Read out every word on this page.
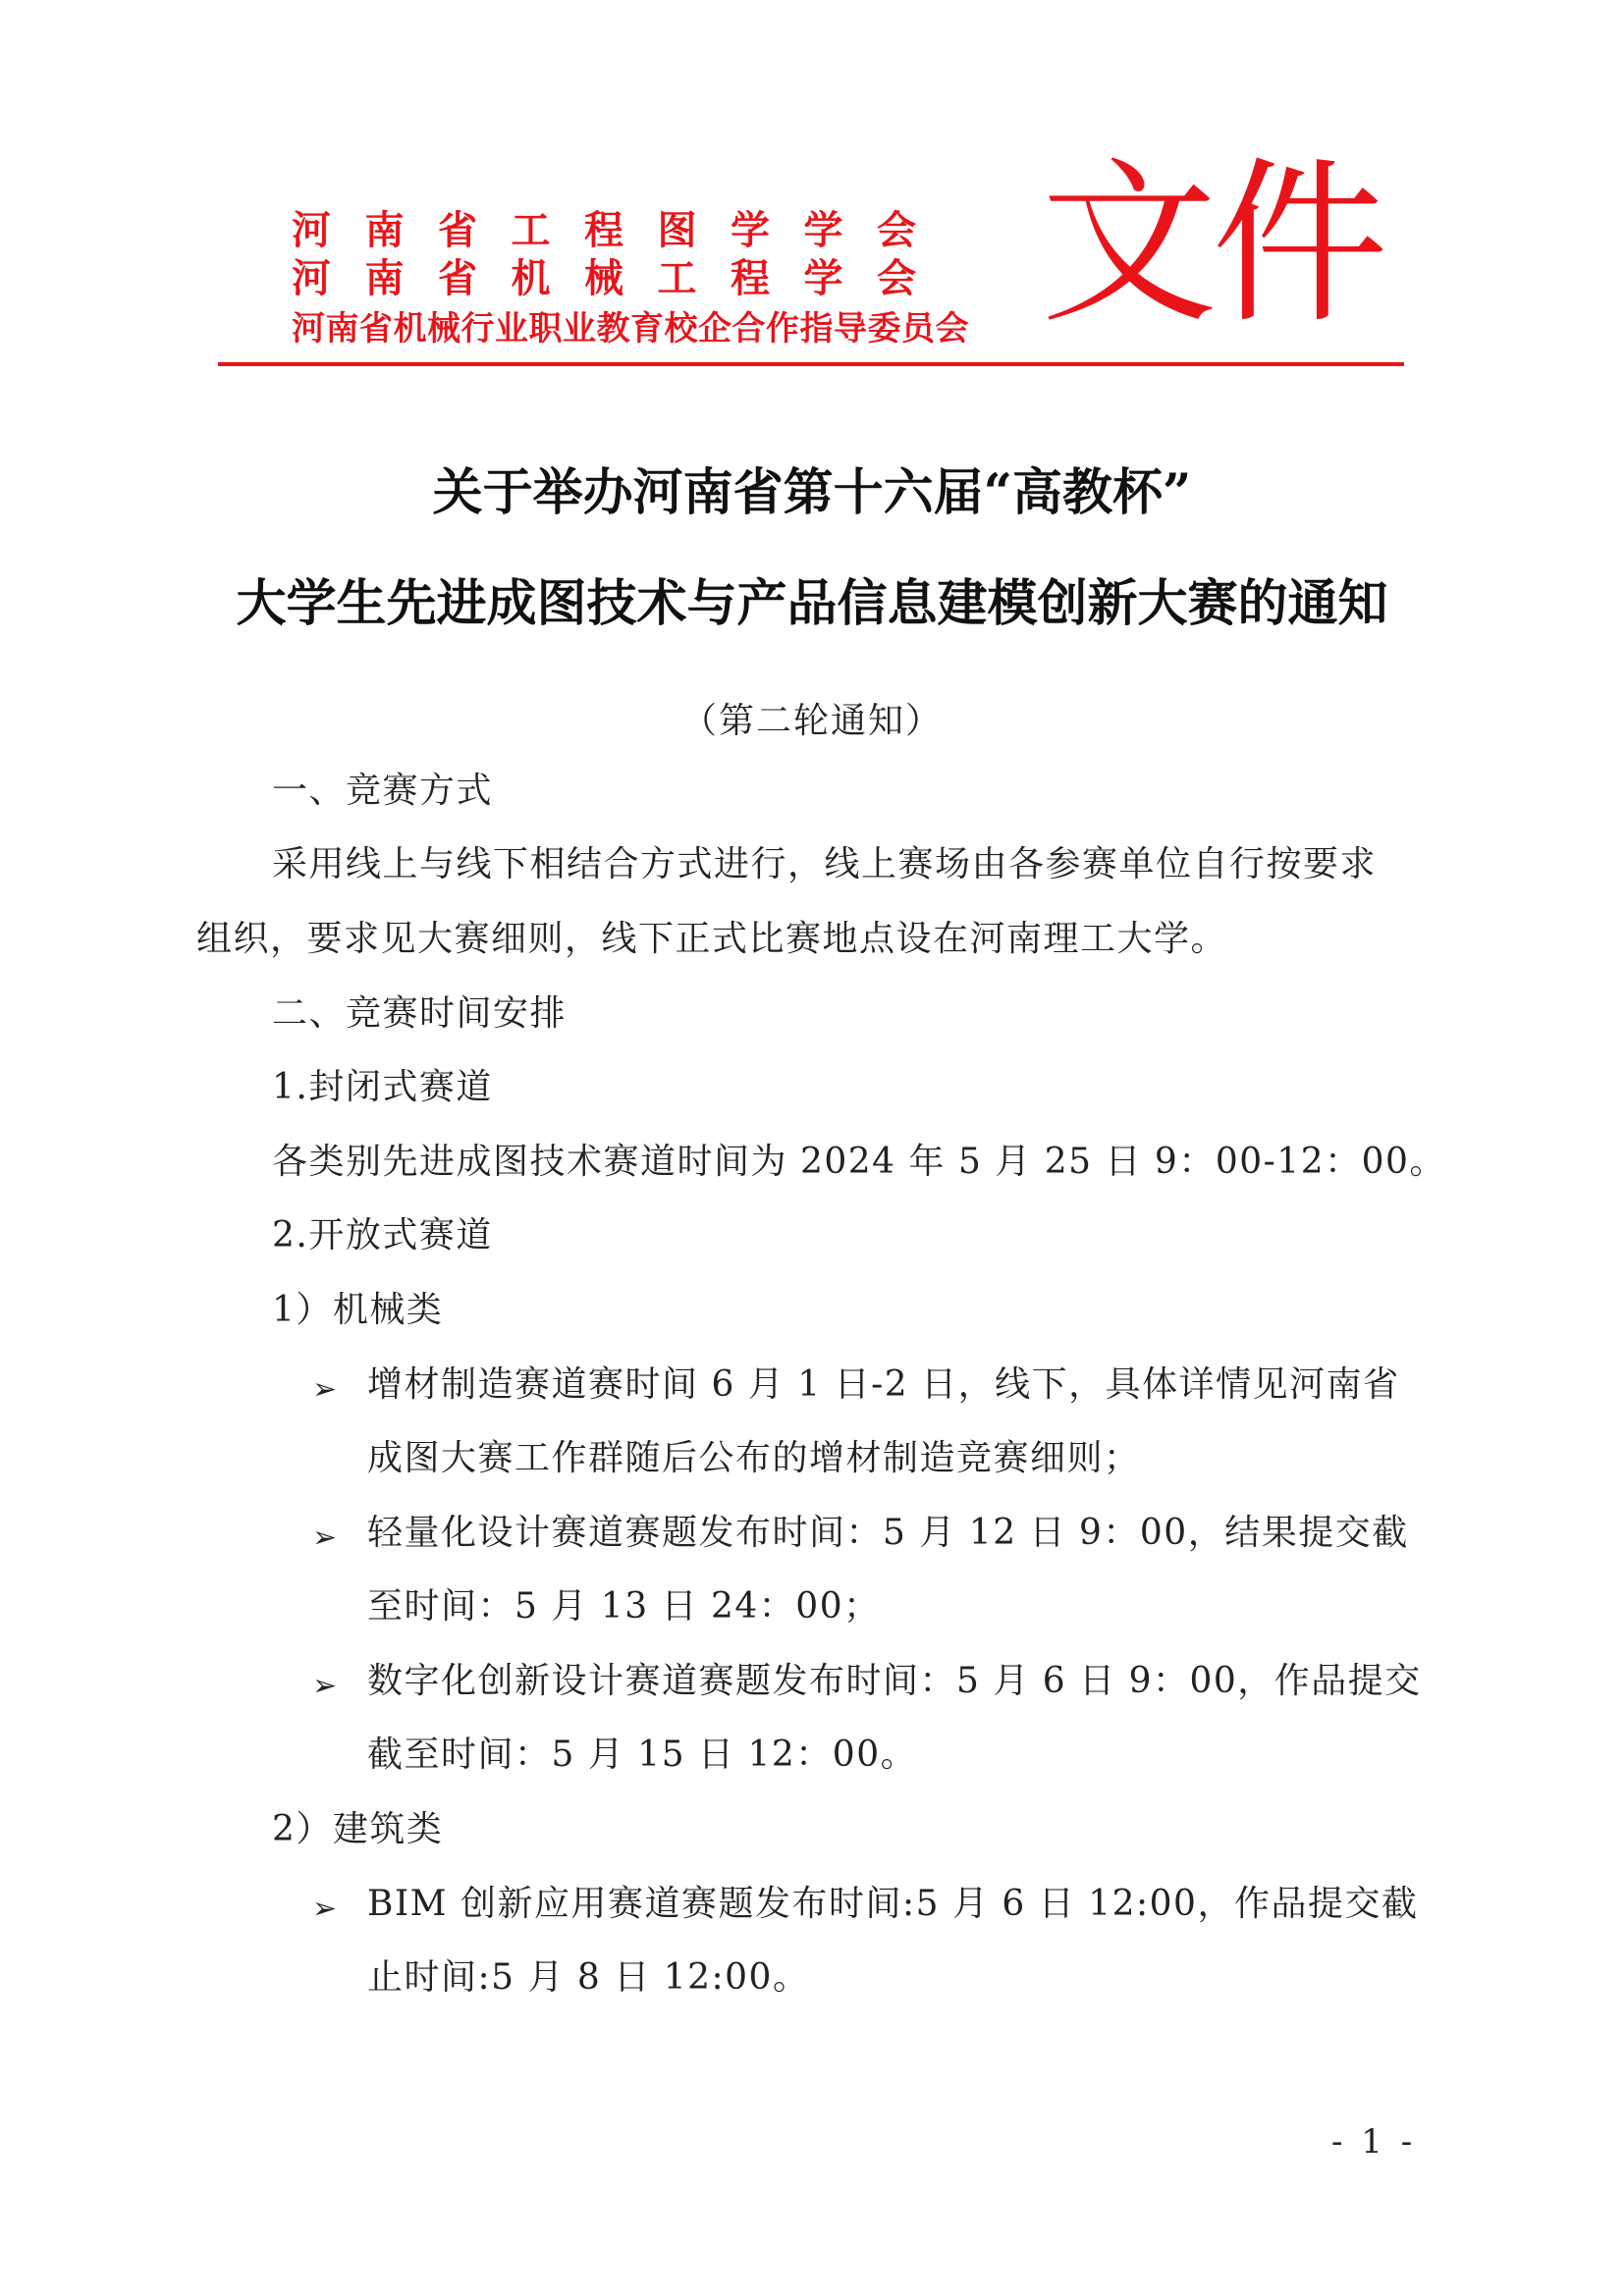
河南省工程图学学会
河南省机械工程学会
河南省机械行业职业教育校企合作指导委员会 文件
关于举办河南省第十六届“高教杯”
大学生先进成图技术与产品信息建模创新大赛的通知
（第二轮通知）
一、竞赛方式
采用线上与线下相结合方式进行，线上赛场由各参赛单位自行按要求
组织，要求见大赛细则，线下正式比赛地点设在河南理工大学。
二、竞赛时间安排
1.封闭式赛道
各类别先进成图技术赛道时间为 2024 年 5 月 25 日 9：00-12：00。
2.开放式赛道
1）机械类
➢ 增材制造赛道赛时间 6 月 1 日-2 日，线下，具体详情见河南省
成图大赛工作群随后公布的增材制造竞赛细则；
➢ 轻量化设计赛道赛题发布时间：5 月 12 日 9：00，结果提交截
至时间：5 月 13 日 24：00；
➢ 数字化创新设计赛道赛题发布时间：5 月 6 日 9：00，作品提交
截至时间：5 月 15 日 12：00。
2）建筑类
➢ BIM 创新应用赛道赛题发布时间:5 月 6 日 12:00，作品提交截
止时间:5 月 8 日 12:00。
- 1 -
